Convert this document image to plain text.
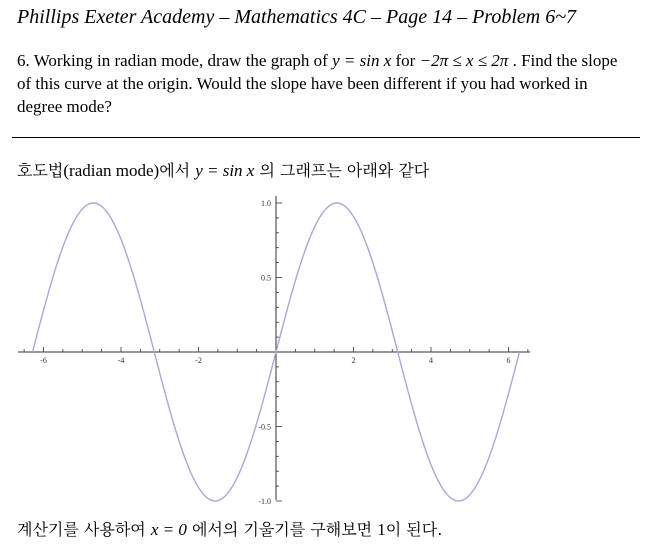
Phillips Exeter Academy – Mathematics 4C – Page 14 – Problem 6~7
6. Working in radian mode, draw the graph of y = sin x for −2π ≤ x ≤ 2π . Find the slope of this curve at the origin. Would the slope have been different if you had worked in degree mode?
호도법(radian mode)에서 y = sin x 의 그래프는 아래와 같다
-6	-4	-2	2	4	6
1.0
0.5
-0.5
-1.0
계산기를 사용하여 x = 0 에서의 기울기를 구해보면 1이 된다.
